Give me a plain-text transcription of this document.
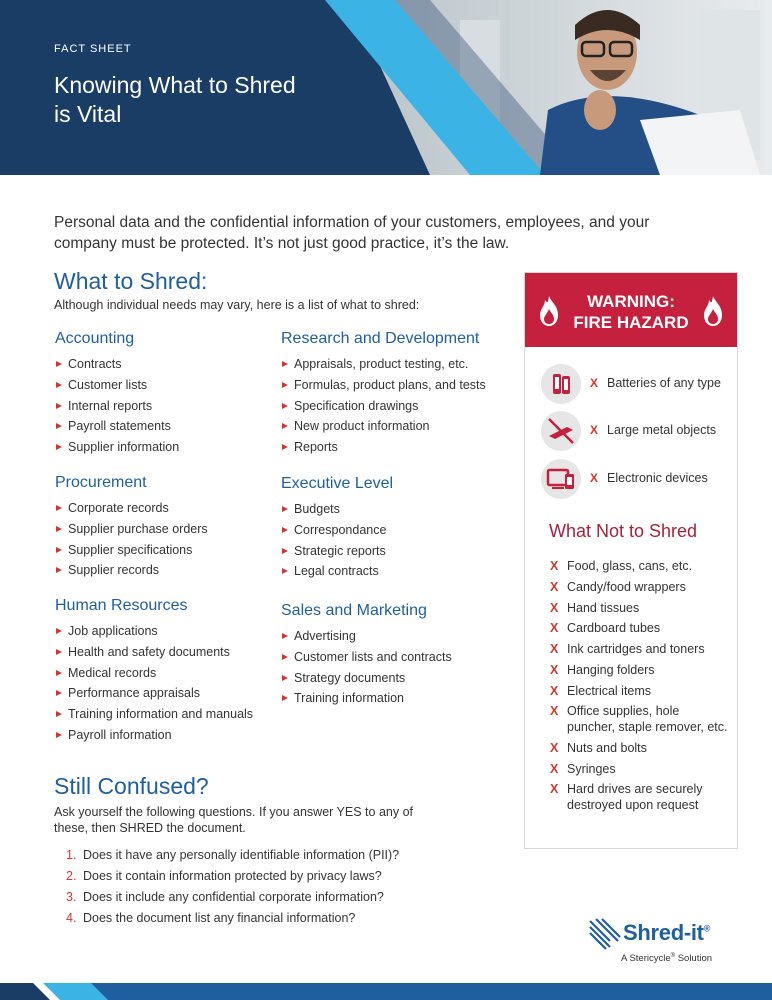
FACT SHEET
Knowing What to Shred is Vital

Personal data and the confidential information of your customers, employees, and your company must be protected. It’s not just good practice, it’s the law.

What to Shred:

Although individual needs may vary, here is a list of what to shred:

Accounting
Contracts
Customer lists
Internal reports
Payroll statements
Supplier information
Procurement
Corporate records
Supplier purchase orders
Supplier specifications
Supplier records
Human Resources
Job applications
Health and safety documents
Medical records
Performance appraisals
Training information and manuals
Payroll information
Research and Development
Appraisals, product testing, etc.
Formulas, product plans, and tests
Specification drawings
New product information
Reports
Executive Level
Budgets
Correspondance
Strategic reports
Legal contracts
Sales and Marketing
Advertising
Customer lists and contracts
Strategy documents
Training information
Still Confused?

Ask yourself the following questions. If you answer YES to any of these, then SHRED the document.

1. Does it have any personally identifiable information (PII)?
2. Does it contain information protected by privacy laws?
3. Does it include any confidential corporate information?
4. Does the document list any financial information?
WARNING:
FIRE HAZARD
X Batteries of any type
X Large metal objects
X Electronic devices
What Not to Shred
X Food, glass, cans, etc.
X Candy/food wrappers
X Hand tissues
X Cardboard tubes
X Ink cartridges and toners
X Hanging folders
X Electrical items
X Office supplies, hole puncher, staple remover, etc.
X Nuts and bolts
X Syringes
X Hard drives are securely destroyed upon request
Shred-it®
A Stericycle® Solution
